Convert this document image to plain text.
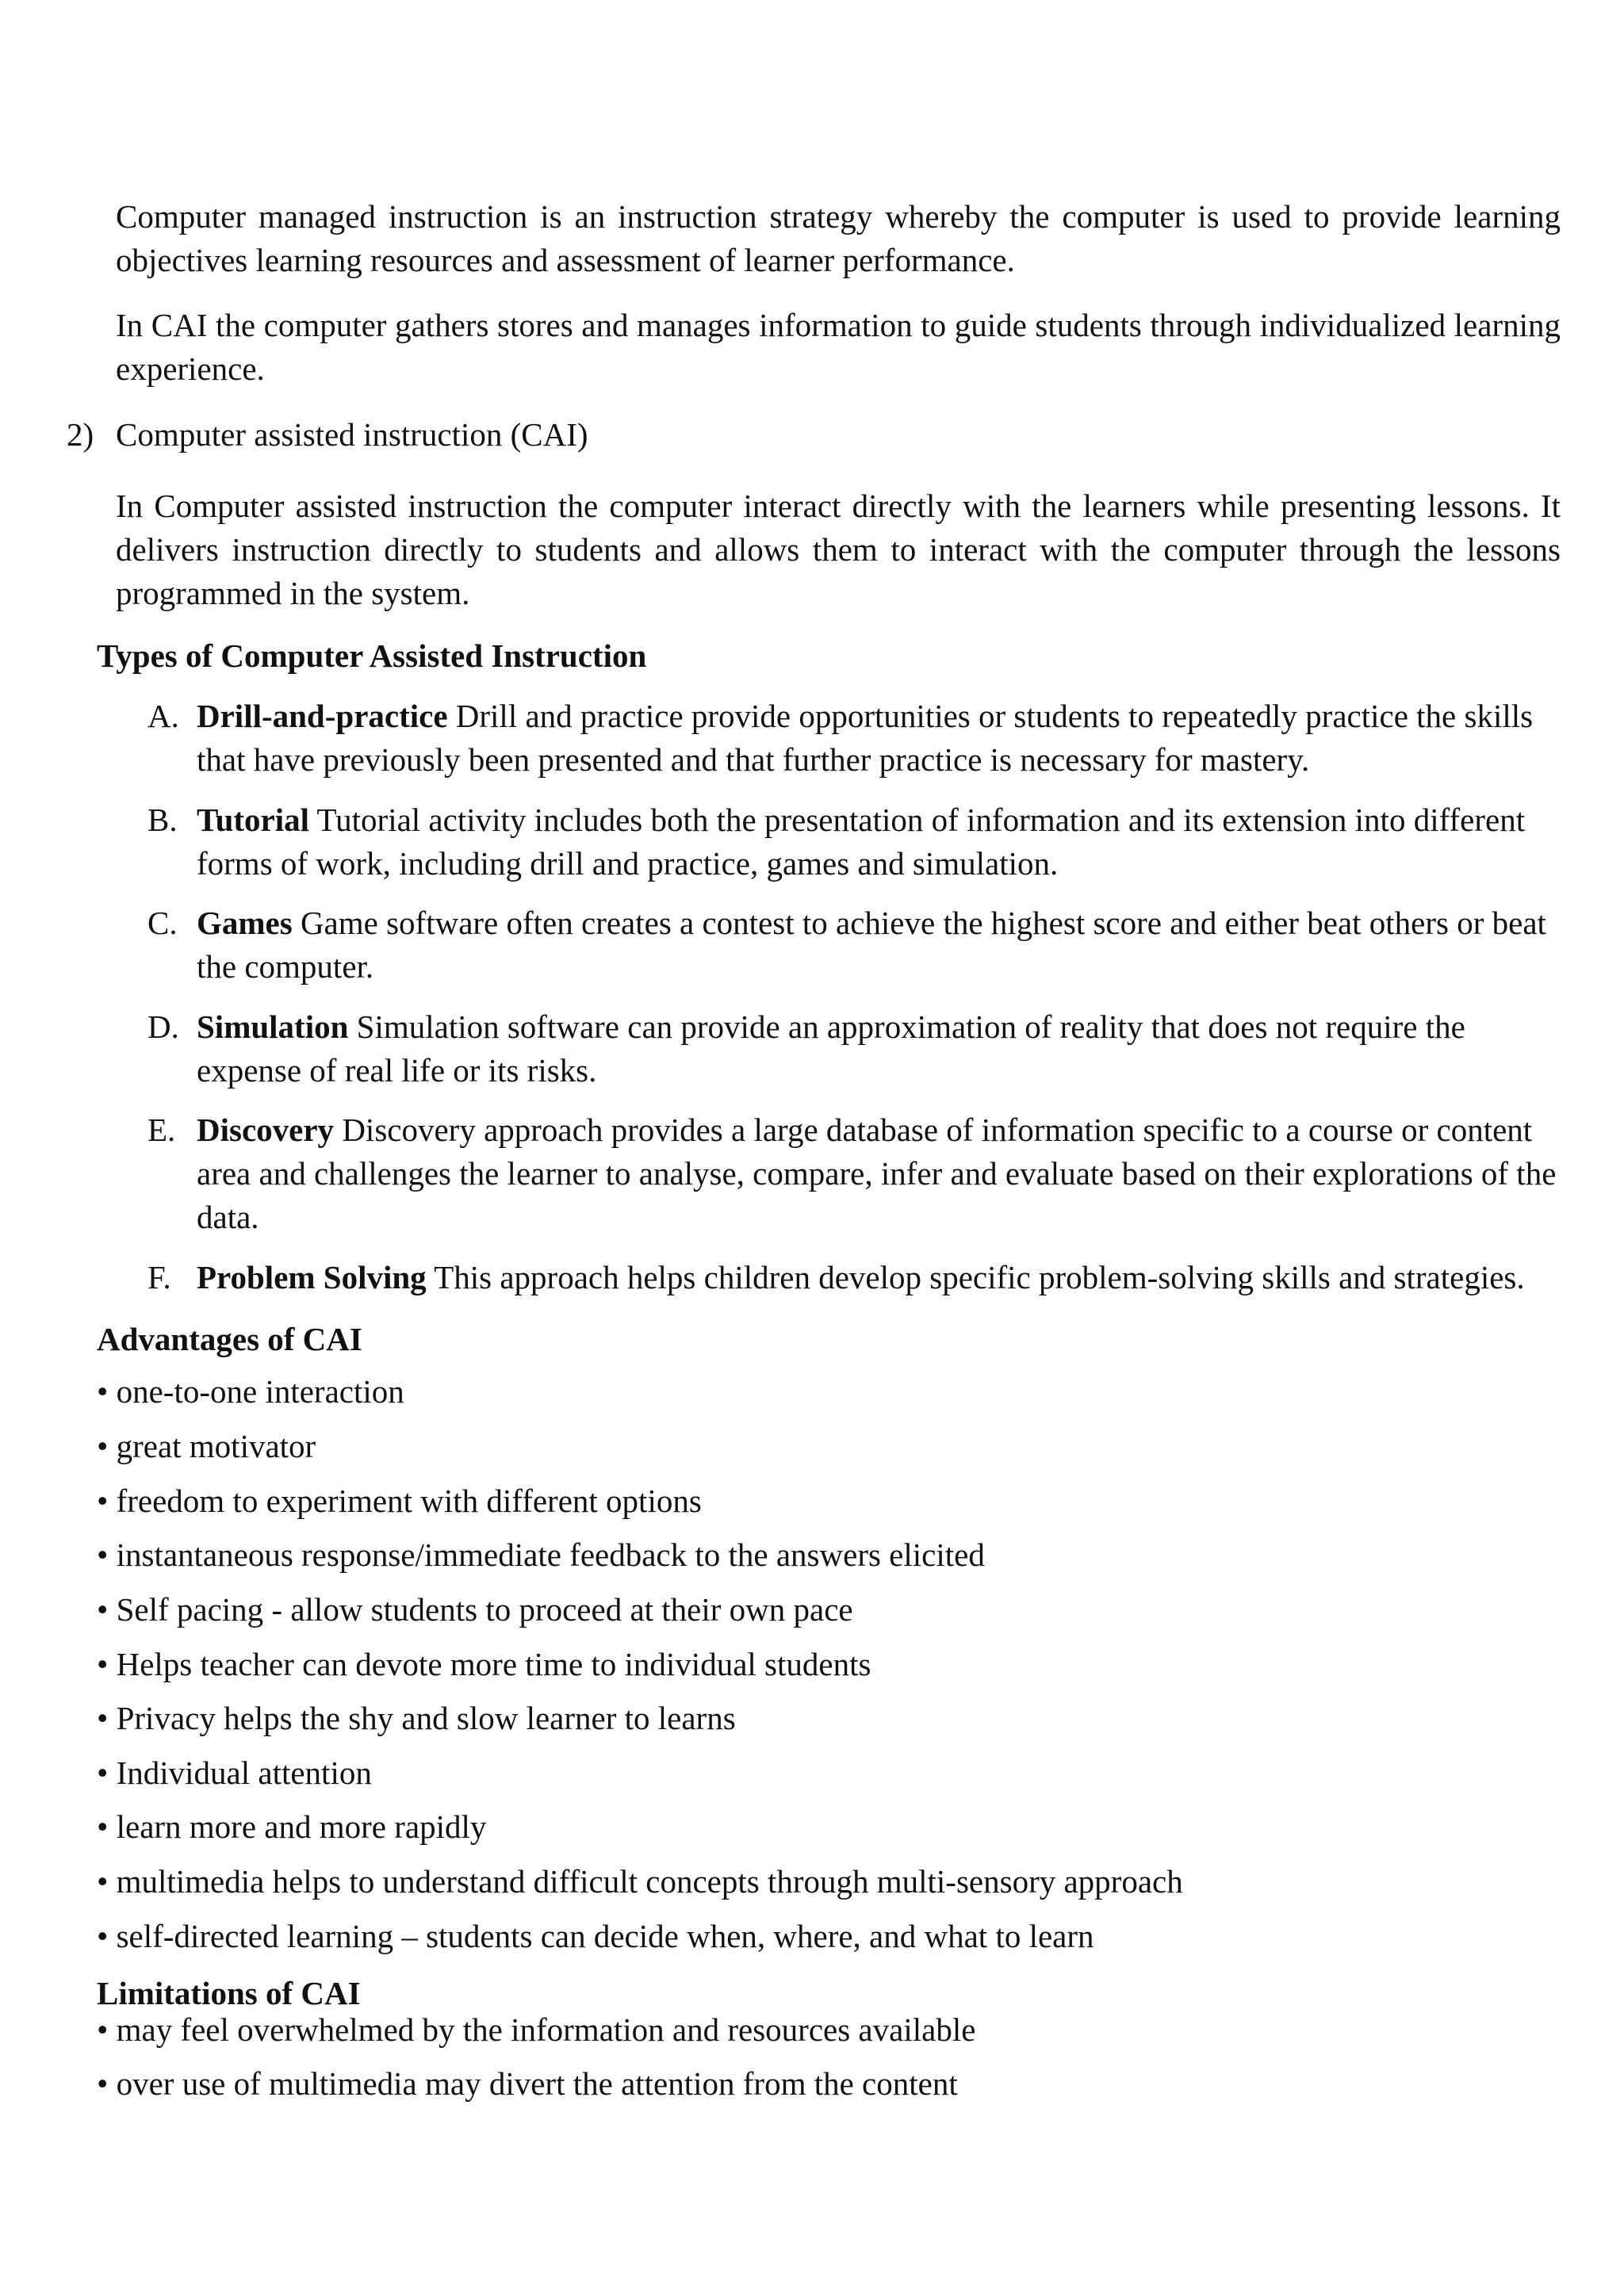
Computer managed instruction is an instruction strategy whereby the computer is used to provide learning objectives learning resources and assessment of learner performance.

In CAI the computer gathers stores and manages information to guide students through individualized learning experience.

2) Computer assisted instruction (CAI)

In Computer assisted instruction the computer interact directly with the learners while presenting lessons. It delivers instruction directly to students and allows them to interact with the computer through the lessons programmed in the system.

Types of Computer Assisted Instruction
A. Drill-and-practice Drill and practice provide opportunities or students to repeatedly practice the skills that have previously been presented and that further practice is necessary for mastery.
B. Tutorial Tutorial activity includes both the presentation of information and its extension into different forms of work, including drill and practice, games and simulation.
C. Games Game software often creates a contest to achieve the highest score and either beat others or beat the computer.
D. Simulation Simulation software can provide an approximation of reality that does not require the expense of real life or its risks.
E. Discovery Discovery approach provides a large database of information specific to a course or content area and challenges the learner to analyse, compare, infer and evaluate based on their explorations of the data.
F. Problem Solving This approach helps children develop specific problem-solving skills and strategies.
Advantages of CAI
• one-to-one interaction
• great motivator
• freedom to experiment with different options
• instantaneous response/immediate feedback to the answers elicited
• Self pacing - allow students to proceed at their own pace
• Helps teacher can devote more time to individual students
• Privacy helps the shy and slow learner to learns
• Individual attention
• learn more and more rapidly
• multimedia helps to understand difficult concepts through multi-sensory approach
• self-directed learning – students can decide when, where, and what to learn
Limitations of CAI
• may feel overwhelmed by the information and resources available
• over use of multimedia may divert the attention from the content
